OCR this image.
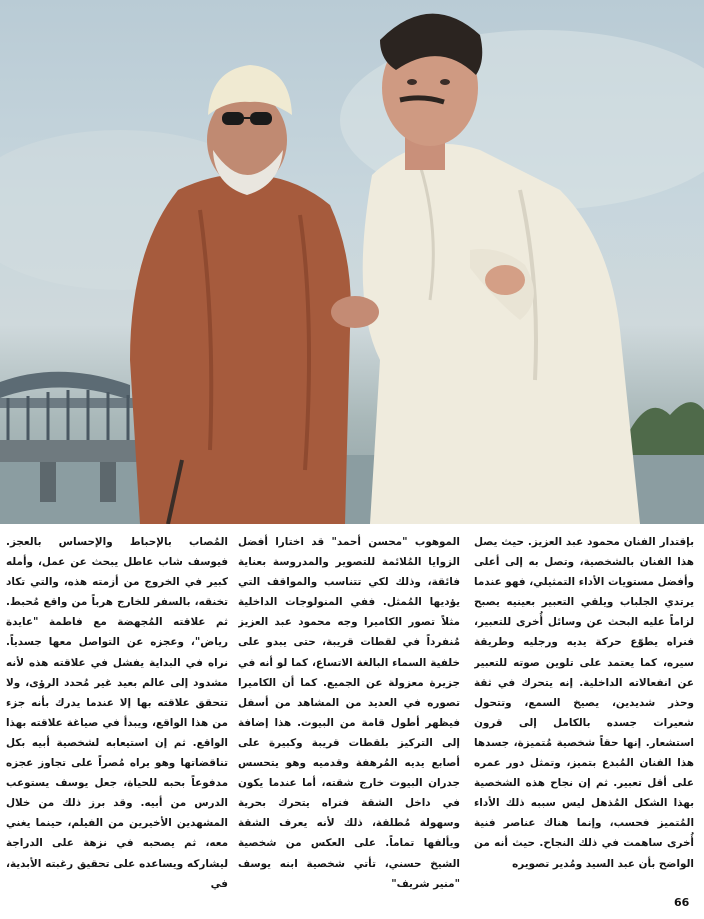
بإقتدار الفنان محمود عبد العزيز. حيث يصل هذا الفنان بالشخصية، وتصل به إلى أعلى وأفضل مستويات الأداء التمثيلي، فهو عندما يرتدي الجلباب ويلقي التعبير بعينيه يصبح لزاماً عليه البحث عن وسائل أُخرى للتعبير، فنراه يطوّع حركة يديه ورجليه وطريقة سيره، كما يعتمد على تلوين صوته للتعبير عن انفعالاته الداخلية. إنه يتحرك في ثقة وحذر شديدين، يصيخ السمع، وتتحول شعيرات جسده بالكامل إلى قرون استشعار. إنها حقاً شخصية مُتميزة، جسدها هذا الفنان المُبدع بتميز، وتمثل دور عمره على أقل تعبير. ثم إن نجاح هذه الشخصية بهذا الشكل المُذهل ليس سببه ذلك الأداء المُتميز فحسب، وإنما هناك عناصر فنية أُخرى ساهمت في ذلك النجاح. حيث أنه من الواضح بأن عبد السيد ومُدير تصويره
الموهوب "محسن أحمد" قد اختارا أفضل الزوايا المُلائمة للتصوير والمدروسة بعناية فائقة، وذلك لكي تتناسب والمواقف التي يؤديها المُمثل. ففي المنولوجات الداخلية مثلاً تصور الكاميرا وجه محمود عبد العزيز مُنفرداً في لقطات قريبة، حتى يبدو على خلفية السماء البالغة الاتساع، كما لو أنه في جزيرة معزولة عن الجميع. كما أن الكاميرا تصوره في العديد من المشاهد من أسفل فيظهر أطول قامة من البيوت. هذا إضافة إلى التركيز بلقطات قريبة وكبيرة على أصابع يديه المُرهفة وقدميه وهو يتحسس جدران البيوت خارج شقته، أما عندما يكون في داخل الشقة فنراه يتحرك بحرية وسهولة مُطلقة، ذلك لأنه يعرف الشقة ويألفها تماماً. على العكس من شخصية الشيخ حسني، تأتي شخصية ابنه يوسف "منير شريف"
المُصاب بالإحباط والإحساس بالعجز. فيوسف شاب عاطل يبحث عن عمل، وأمله كبير في الخروج من أزمته هذه، والتي تكاد تخنقه، بالسفر للخارج هرباً من واقع مُحبط. ثم علاقته المُجهضة مع فاطمة "عايدة رياض"، وعجزه عن التواصل معها جسدياً. نراه في البداية يفشل في علاقته هذه لأنه مشدود إلى عالم بعيد غير مُحدد الرؤى، ولا تتحقق علاقته بها إلا عندما يدرك بأنه جزء من هذا الواقع، ويبدأ في صياغة علاقته بهذا الواقع. ثم إن استيعابه لشخصية أبيه بكل تناقضاتها وهو يراه مُصراً على تجاوز عجزه مدفوعاً بحبه للحياة، جعل يوسف يستوعب الدرس من أبيه. وقد برز ذلك من خلال المشهدين الأخيرين من الفيلم، حينما يغني معه، ثم يصحبه في نزهة على الدراجة ليشاركه ويساعده على تحقيق رغبته الأبدية، في
66
